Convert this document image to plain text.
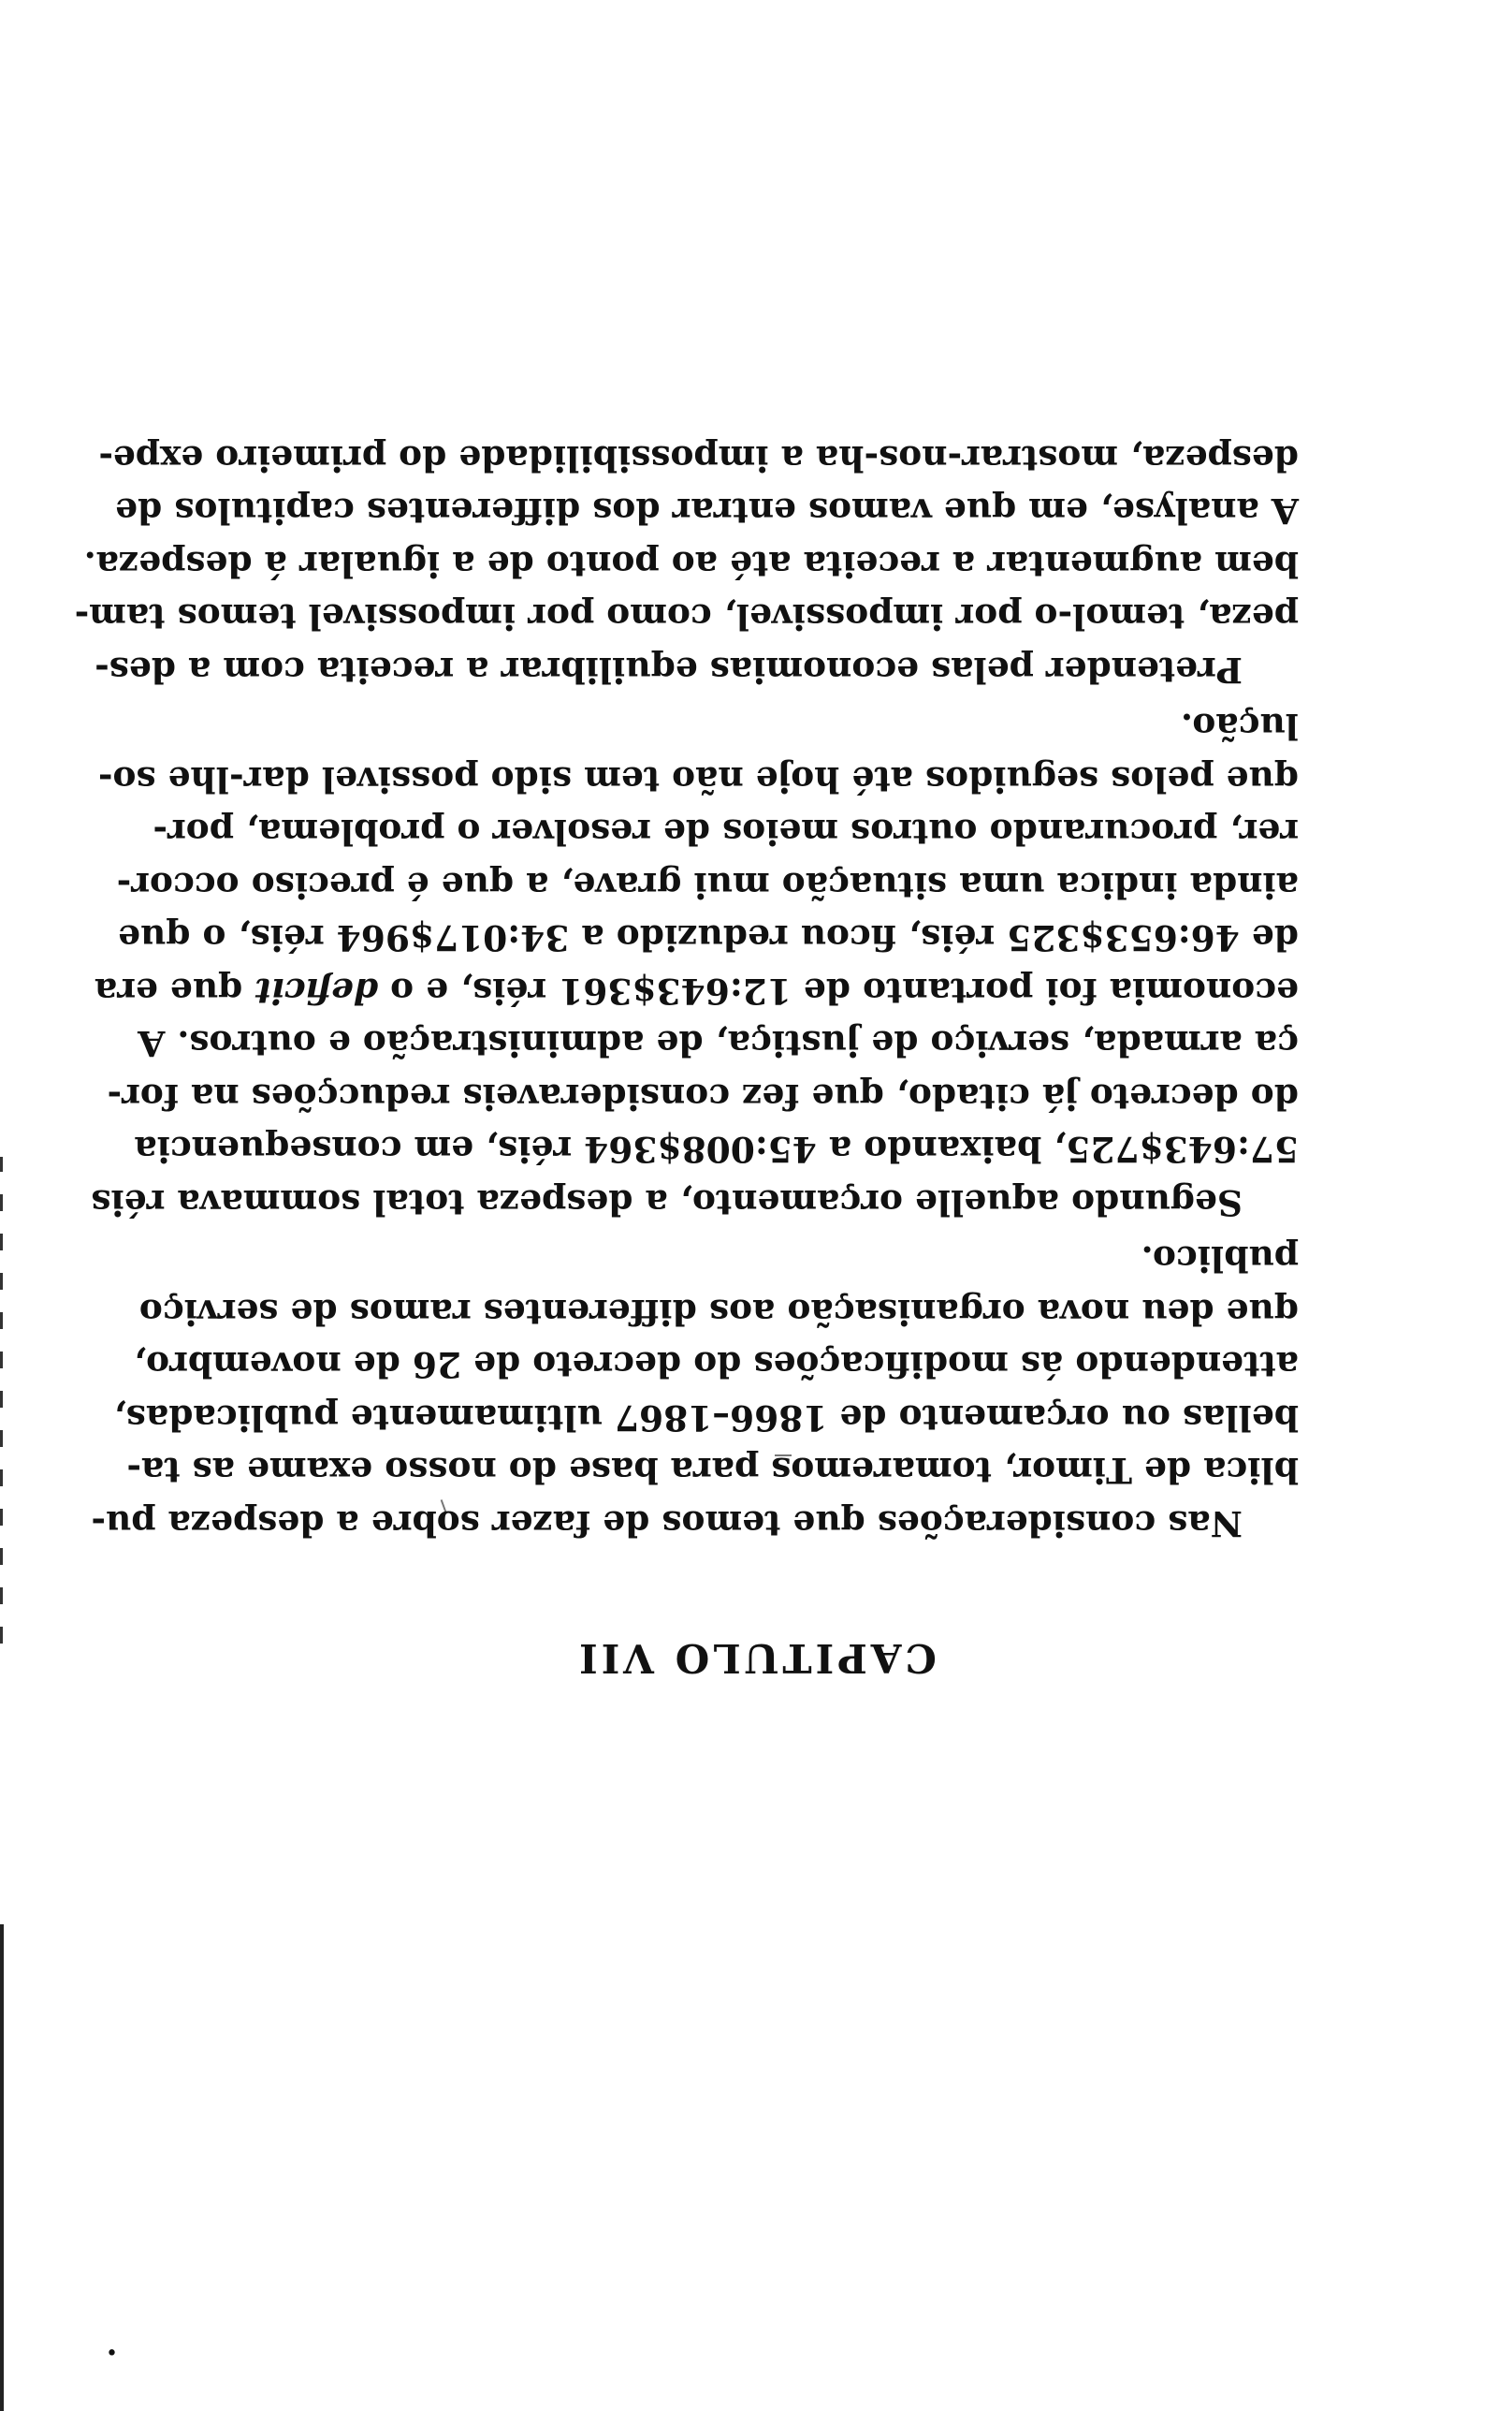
•
CAPITULO VII
Nas considerações que temos de fazer sobre a despeza pu-
blica de Timor, tomaremos para base do nosso exame as ta-
bellas ou orçamento de 1866–1867 ultimamente publicadas,
attendendo ás modificações do decreto de 26 de novembro,
que deu nova organisação aos differentes ramos de serviço
publico.
Segundo aquelle orçamento, a despeza total sommava réis
57:643$725, baixando a 45:008$364 réis, em consequencia
do decreto já citado, que fez consideraveis reducções na for-
ça armada, serviço de justiça, de administração e outros. A
economia foi portanto de 12:643$361 réis, e o deficit que era
de 46:653$325 réis, ficou reduzido a 34:017$964 réis, o que
ainda indica uma situação mui grave, a que é preciso occor-
rer, procurando outros meios de resolver o problema, por-
que pelos seguidos até hoje não tem sido possivel dar-lhe so-
lução.
Pretender pelas economias equilibrar a receita com a des-
peza, temol-o por impossivel, como por impossivel temos tam-
bem augmentar a receita até ao ponto de a igualar á despeza.
A analyse, em que vamos entrar dos differentes capitulos de
despeza, mostrar-nos-ha a impossibilidade do primeiro expe-
